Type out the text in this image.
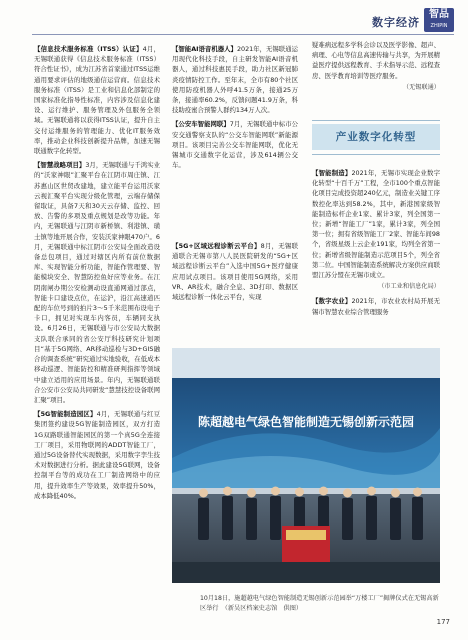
数字经济
智品
ZHIPIN

【信息技术服务标准（ITSS）认证】4月，无锡联通获得《信息技术服务标准（ITSS）符合性证书》，成为江苏省首家通过ITSS运维通用要求评估的地级通信运营商。信息技术服务标准（ITSS）是工业和信息化部制定的国家标准化指导性标准，内容涉及信息化建设、运行维护、服务管理及外包服务全领域。无锡联通将以获得ITSS认证，提升自主交付运维服务的管理能力、优化IT服务效率，推动企业科技创新提升品牌，加速无锡联通数字化转型。

【智慧战略项目】3月，无锡联通与千鸿实业的“沃家神眼”汇聚平台在江阴市周庄镇、江苏惠山区世贸改建地，建立能平台运用沃家云视汇聚平台实现分级化管理，云端存储保留取证，具备7天和30天云存储、监控、回放、告警的多项及重点规划是改等功能。年内，无锡联通与江阴市新桥镇、利港镇、璜土镇等地开展合作，安装沃家神眼470户。6月，无锡联通中标江阴市公安局全面改造设备总包项目，通过对辖区内所有前位数据库、实现智能分析功能，智能作管理要、智能模块安全、智慧防控鱼好应等业务。在江阴南闸办期公安检测动设直通网通过部点，智能卡口建设点位，在运沪，沿江高速道匹配的车位号到的拍片3～5千米范围布设电子卡口，拥见对实现车内客员，车辆同支执设。6月26日，无锡联通与市公安局大数据支队联合承同的省公安厅科技研究计划项目“基于5G网络、AR移动巡检与3D+GIS融合的调查系统”研究通过实地验收，在低成本移动巡逻、智能防控和精准研判指挥等领域中建立适用的应用场景。年内，无锡联通联合公安市公安局共同研发“慧慧技控设备联网汇聚”项目。

【5G智能制造园区】4月，无锡联通与红豆集团签约建设5G智能制造园区，双方打造1G双路联通智能园区的第一个真5G全连接工厂项目，采用物联网的ADDT智能工厂，通过5G设备替代实现数据，采用数字孪生技术对数据进行分析。据此建设5G联网，设备控制平台等的成功在工厂制造网络中的应用，提升效率生产等效果，效率提升50%，成本降低40%。

【智能AI语音机器人】2021年，无锡联通运用现代化科技手段，自主研发智能AI语音机器人，通过科技惠民手段，助力社区新冠肺炎疫情防控工作。至年末，全市有80个社区使用防疫机器人外呼41.5万条，接通25万条，接通率60.2%，反馈问题41.9万条，科技助疫蜜合预警人群约134万人次。

【公安车智能网联】7月，无锡联通中标市公安交通警察支队的“公交车智能网联”新能源项目。该项目完善公交车智能网联，优化无锡城市交通数字化运营，涉及614辆公交车。

【5G+区域远程诊断云平台】8月，无锡联通联合无锡市第八人民医院研发的“5G+区域远程诊断云平台”入选中国5G+医疗健康应用试点项目。该项目使用5G网络，采用VR、AR技术，融合全息、3D打印、数据区域远程诊断一体化云平台，实现

疑难病远程多学科会诊以及医学影像、超声、病理、心电等信息高速传输与共享，为开展精益医疗提供远程教育、手术指导示范、远程查房、医学教育培训等医疗服务。

（无锡联通）
产业数字化转型

【智能制造】2021年，无锡市实现企业数字化转型“十百千万”工程，全市100个重点智能化项目完成投资超240亿元，制造业关键工序数控化率达到58.2%，其中，新港国家级智能制造标杆企业1家、累计3家，列全国第一位；新增“智能工厂”1家，累计3家，列全国第一位；拥有省级智能工厂2家、智能车间98个，省级星级上云企业191家，均列全省第一位；新增省级智能制造示范项目5个，列全省第二位。中国智能制造系统解决方案供应商联盟江苏分盟在无锡市成立。

（市工业和信息化局）

【数字农业】2021年，市农业农村局开展无锡市智慧农业综合管理服务

陈超越电气绿色智能制造无锡创新示范园
10月18日，施超越电气绿色智能制造无锡创新示范园举“万楼工厂”揭牌仪式在无锡高新区举行　（新吴区档案史志馆　供图）
177
